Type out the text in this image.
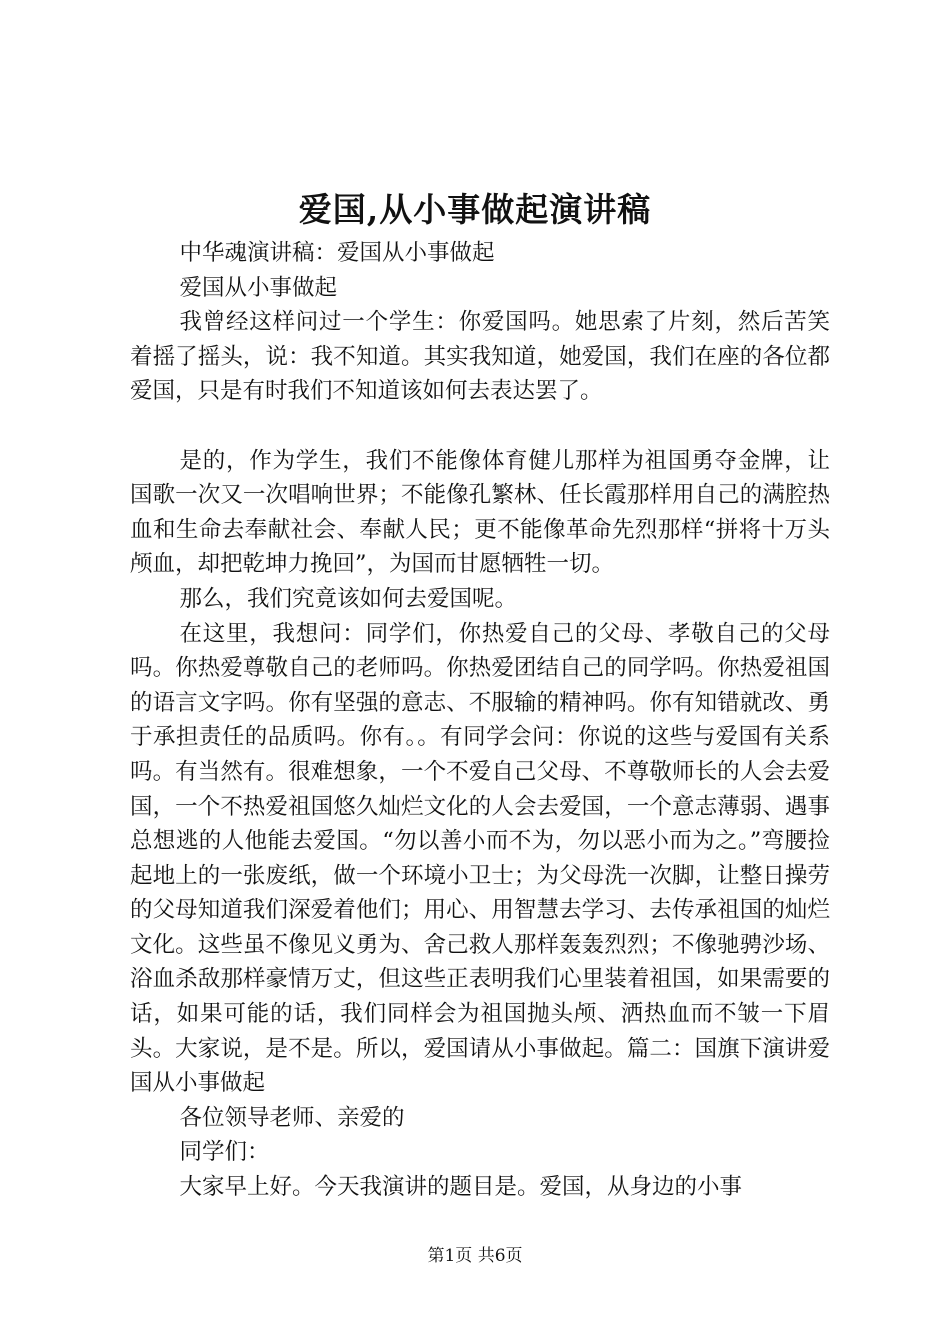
爱国,从小事做起演讲稿

中华魂演讲稿：爱国从小事做起

爱国从小事做起

我曾经这样问过一个学生：你爱国吗。她思索了片刻，然后苦笑着摇了摇头，说：我不知道。其实我知道，她爱国，我们在座的各位都爱国，只是有时我们不知道该如何去表达罢了。

是的，作为学生，我们不能像体育健儿那样为祖国勇夺金牌，让国歌一次又一次唱响世界；不能像孔繁林、任长霞那样用自己的满腔热血和生命去奉献社会、奉献人民；更不能像革命先烈那样“拼将十万头颅血，却把乾坤力挽回”，为国而甘愿牺牲一切。

那么，我们究竟该如何去爱国呢。

在这里，我想问：同学们，你热爱自己的父母、孝敬自己的父母吗。你热爱尊敬自己的老师吗。你热爱团结自己的同学吗。你热爱祖国的语言文字吗。你有坚强的意志、不服输的精神吗。你有知错就改、勇于承担责任的品质吗。你有。。有同学会问：你说的这些与爱国有关系吗。有当然有。很难想象，一个不爱自己父母、不尊敬师长的人会去爱国，一个不热爱祖国悠久灿烂文化的人会去爱国，一个意志薄弱、遇事总想逃的人他能去爱国。“勿以善小而不为，勿以恶小而为之。”弯腰捡起地上的一张废纸，做一个环境小卫士；为父母洗一次脚，让整日操劳的父母知道我们深爱着他们；用心、用智慧去学习、去传承祖国的灿烂文化。这些虽不像见义勇为、舍己救人那样轰轰烈烈；不像驰骋沙场、浴血杀敌那样豪情万丈，但这些正表明我们心里装着祖国，如果需要的话，如果可能的话，我们同样会为祖国抛头颅、洒热血而不皱一下眉头。大家说，是不是。所以，爱国请从小事做起。篇二：国旗下演讲爱国从小事做起

各位领导老师、亲爱的

同学们：

大家早上好。今天我演讲的题目是。爱国，从身边的小事

第1页 共6页
